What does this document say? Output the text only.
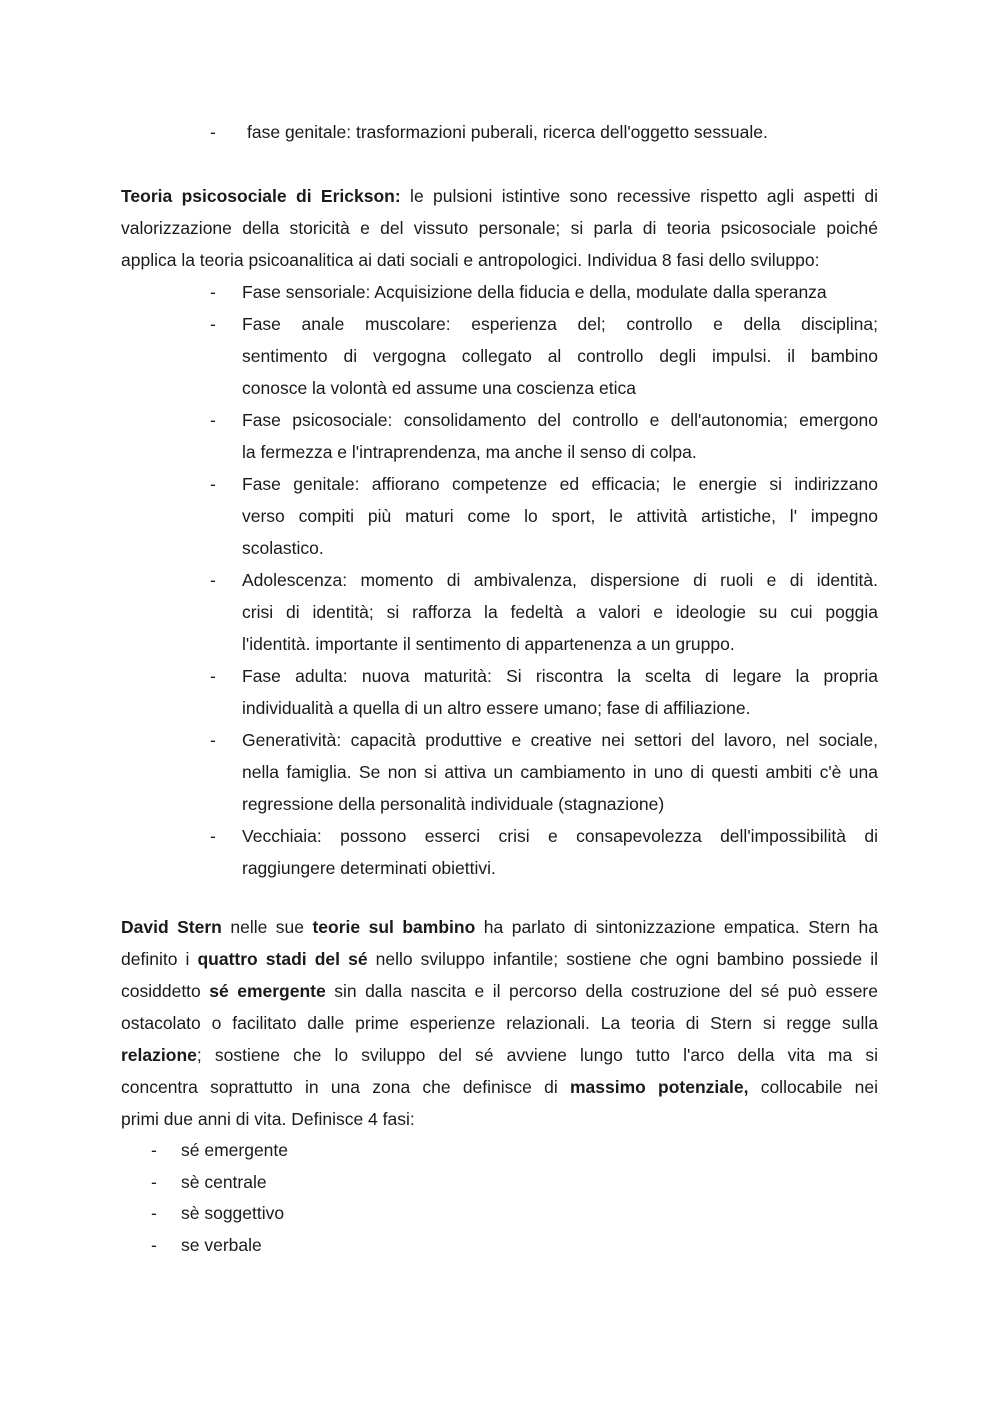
- fase genitale: trasformazioni puberali, ricerca dell'oggetto sessuale.
Teoria psicosociale di Erickson: le pulsioni istintive sono recessive rispetto agli aspetti di
valorizzazione della storicità e del vissuto personale; si parla di teoria psicosociale poiché
applica la teoria psicoanalitica ai dati sociali e antropologici. Individua 8 fasi dello sviluppo:
- Fase sensoriale: Acquisizione della fiducia e della, modulate dalla speranza
- Fase anale muscolare: esperienza del; controllo e della disciplina;
sentimento di vergogna collegato al controllo degli impulsi. il bambino
conosce la volontà ed assume una coscienza etica
- Fase psicosociale: consolidamento del controllo e dell'autonomia; emergono
la fermezza e l'intraprendenza, ma anche il senso di colpa.
- Fase genitale: affiorano competenze ed efficacia; le energie si indirizzano
verso compiti più maturi come lo sport, le attività artistiche, l' impegno
scolastico.
- Adolescenza: momento di ambivalenza, dispersione di ruoli e di identità.
crisi di identità; si rafforza la fedeltà a valori e ideologie su cui poggia
l'identità. importante il sentimento di appartenenza a un gruppo.
- Fase adulta: nuova maturità: Si riscontra la scelta di legare la propria
individualità a quella di un altro essere umano; fase di affiliazione.
- Generatività: capacità produttive e creative nei settori del lavoro, nel sociale,
nella famiglia. Se non si attiva un cambiamento in uno di questi ambiti c'è una
regressione della personalità individuale (stagnazione)
- Vecchiaia: possono esserci crisi e consapevolezza dell'impossibilità di
raggiungere determinati obiettivi.
David Stern nelle sue teorie sul bambino ha parlato di sintonizzazione empatica. Stern ha
definito i quattro stadi del sé nello sviluppo infantile; sostiene che ogni bambino possiede il
cosiddetto sé emergente sin dalla nascita e il percorso della costruzione del sé può essere
ostacolato o facilitato dalle prime esperienze relazionali. La teoria di Stern si regge sulla
relazione; sostiene che lo sviluppo del sé avviene lungo tutto l'arco della vita ma si
concentra soprattutto in una zona che definisce di massimo potenziale, collocabile nei
primi due anni di vita. Definisce 4 fasi:
- sé emergente
- sè centrale
- sè soggettivo
- se verbale
